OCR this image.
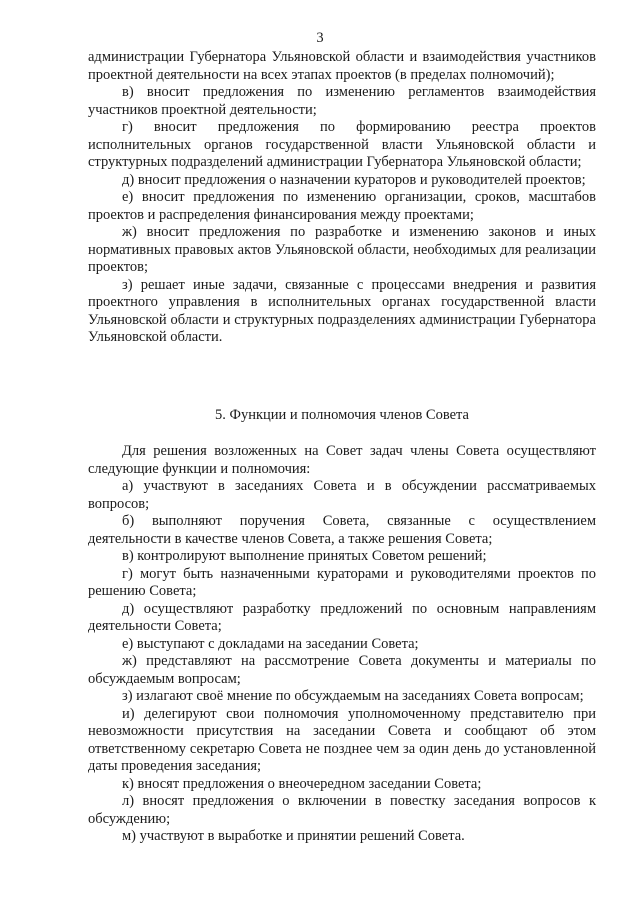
3

администрации Губернатора Ульяновской области и взаимодействия участников проектной деятельности на всех этапах проектов (в пределах полномочий);

в) вносит предложения по изменению регламентов взаимодействия участников проектной деятельности;

г) вносит предложения по формированию реестра проектов исполнительных органов государственной власти Ульяновской области и структурных подразделений администрации Губернатора Ульяновской области;

д) вносит предложения о назначении кураторов и руководителей проектов;

е) вносит предложения по изменению организации, сроков, масштабов проектов и распределения финансирования между проектами;

ж) вносит предложения по разработке и изменению законов и иных нормативных правовых актов Ульяновской области, необходимых для реализации проектов;

з) решает иные задачи, связанные с процессами внедрения и развития проектного управления в исполнительных органах государственной власти Ульяновской области и структурных подразделениях администрации Губернатора Ульяновской области.

5. Функции и полномочия членов Совета

Для решения возложенных на Совет задач члены Совета осуществляют следующие функции и полномочия:

а) участвуют в заседаниях Совета и в обсуждении рассматриваемых вопросов;

б) выполняют поручения Совета, связанные с осуществлением деятельности в качестве членов Совета, а также решения Совета;

в) контролируют выполнение принятых Советом решений;

г) могут быть назначенными кураторами и руководителями проектов по решению Совета;

д) осуществляют разработку предложений по основным направлениям деятельности Совета;

е) выступают с докладами на заседании Совета;

ж) представляют на рассмотрение Совета документы и материалы по обсуждаемым вопросам;

з) излагают своё мнение по обсуждаемым на заседаниях Совета вопросам;

и) делегируют свои полномочия уполномоченному представителю при невозможности присутствия на заседании Совета и сообщают об этом ответственному секретарю Совета не позднее чем за один день до установленной даты проведения заседания;

к) вносят предложения о внеочередном заседании Совета;

л) вносят предложения о включении в повестку заседания вопросов к обсуждению;

м) участвуют в выработке и принятии решений Совета.
